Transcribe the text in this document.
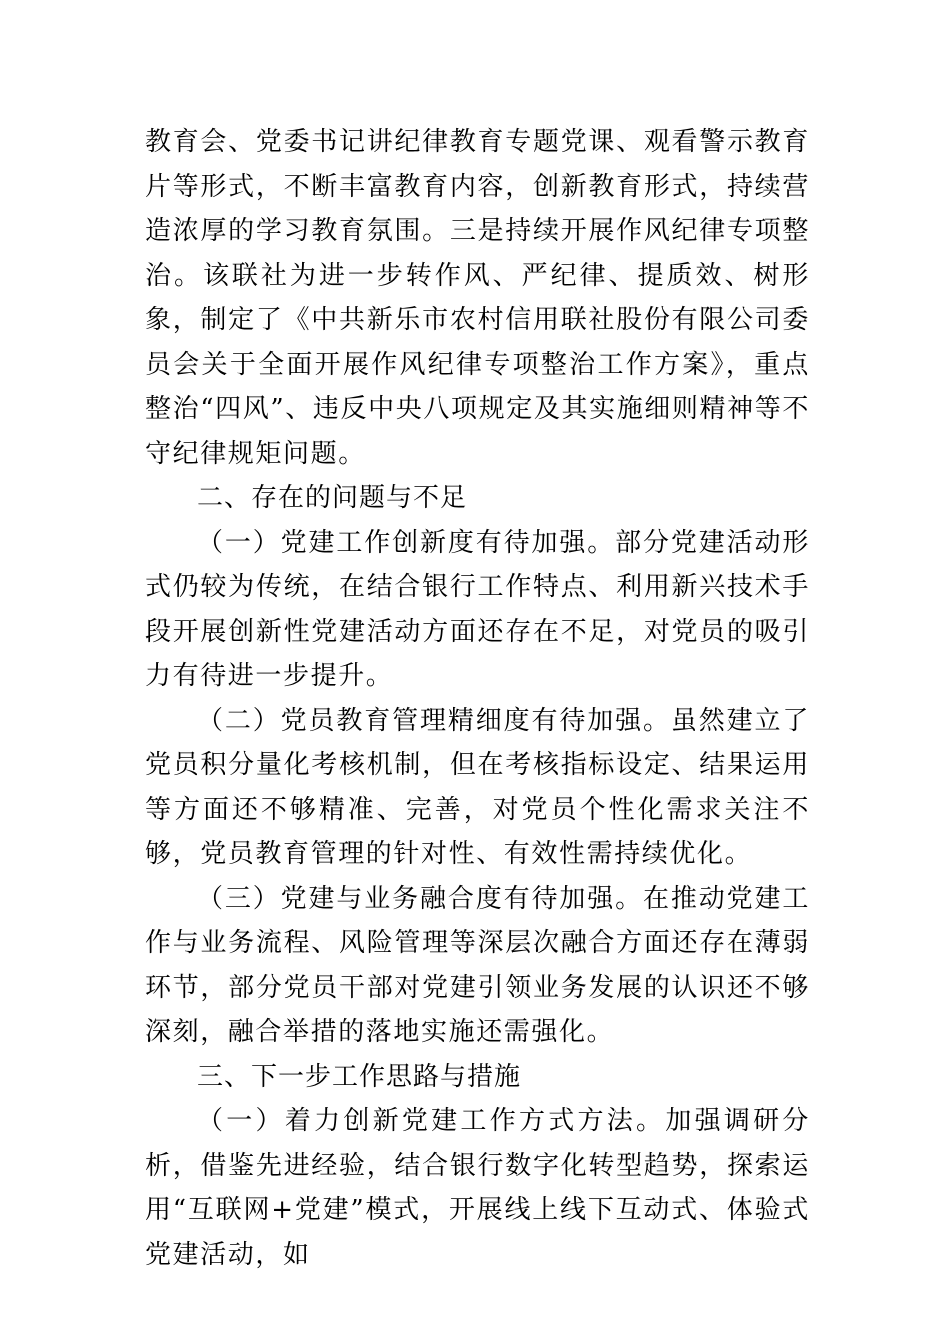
教育会、党委书记讲纪律教育专题党课、观看警示教育片等形式，不断丰富教育内容，创新教育形式，持续营造浓厚的学习教育氛围。三是持续开展作风纪律专项整治。该联社为进一步转作风、严纪律、提质效、树形象，制定了《中共新乐市农村信用联社股份有限公司委员会关于全面开展作风纪律专项整治工作方案》，重点整治“四风”、违反中央八项规定及其实施细则精神等不守纪律规矩问题。

二、存在的问题与不足

（一）党建工作创新度有待加强。部分党建活动形式仍较为传统，在结合银行工作特点、利用新兴技术手段开展创新性党建活动方面还存在不足，对党员的吸引力有待进一步提升。

（二）党员教育管理精细度有待加强。虽然建立了党员积分量化考核机制，但在考核指标设定、结果运用等方面还不够精准、完善，对党员个性化需求关注不够，党员教育管理的针对性、有效性需持续优化。

（三）党建与业务融合度有待加强。在推动党建工作与业务流程、风险管理等深层次融合方面还存在薄弱环节，部分党员干部对党建引领业务发展的认识还不够深刻，融合举措的落地实施还需强化。

三、下一步工作思路与措施

（一）着力创新党建工作方式方法。加强调研分析，借鉴先进经验，结合银行数字化转型趋势，探索运用“互联网+党建”模式，开展线上线下互动式、体验式党建活动，如
